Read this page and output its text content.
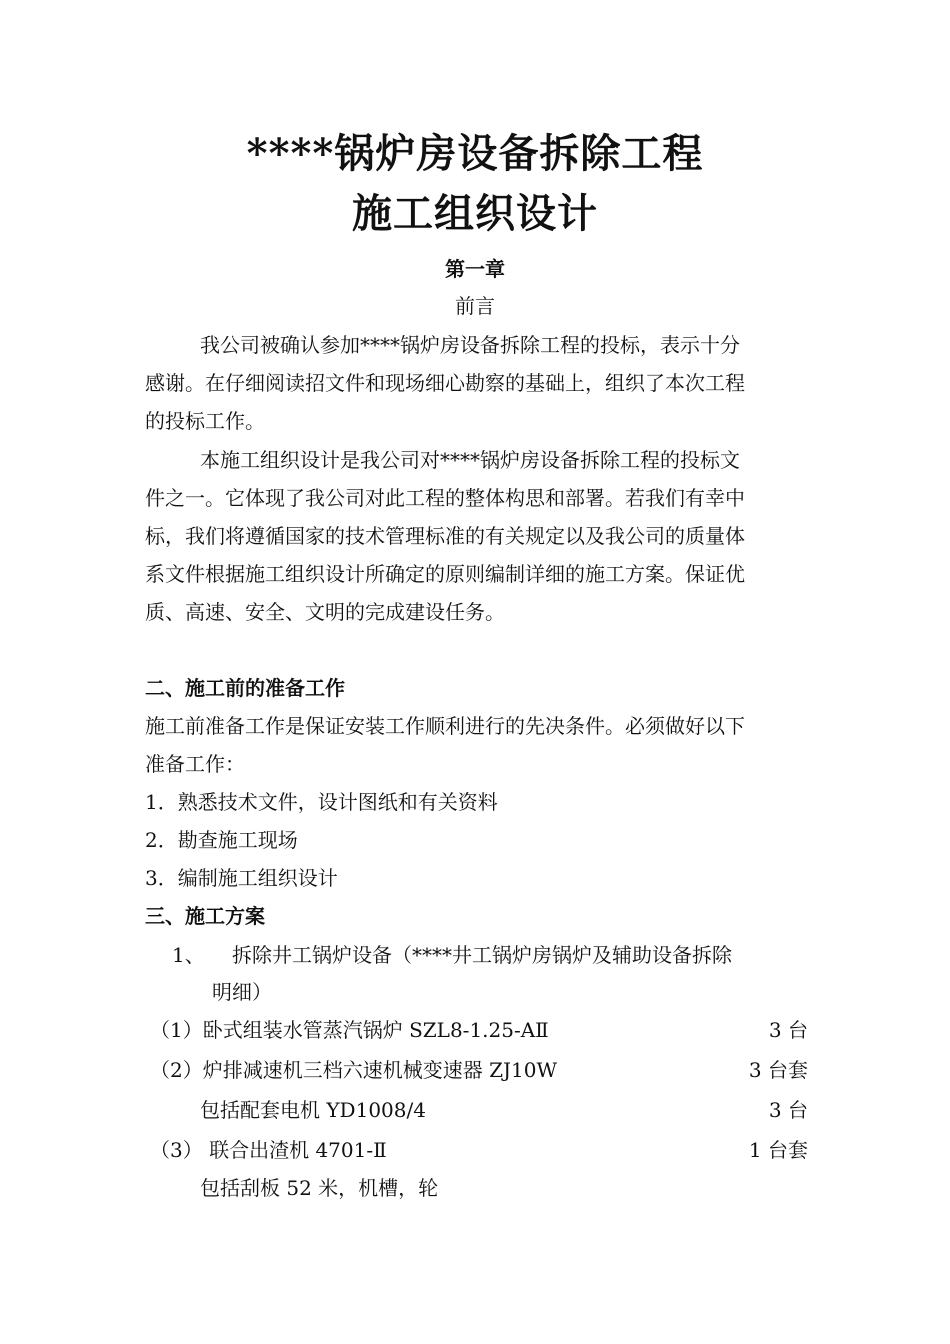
****锅炉房设备拆除工程
施工组织设计
第一章
前言
我公司被确认参加****锅炉房设备拆除工程的投标，表示十分
感谢。在仔细阅读招文件和现场细心勘察的基础上，组织了本次工程
的投标工作。
本施工组织设计是我公司对****锅炉房设备拆除工程的投标文
件之一。它体现了我公司对此工程的整体构思和部署。若我们有幸中
标，我们将遵循国家的技术管理标准的有关规定以及我公司的质量体
系文件根据施工组织设计所确定的原则编制详细的施工方案。保证优
质、高速、安全、文明的完成建设任务。
二、施工前的准备工作
施工前准备工作是保证安装工作顺利进行的先决条件。必须做好以下
准备工作：
1．熟悉技术文件，设计图纸和有关资料
2．勘查施工现场
3．编制施工组织设计
三、施工方案
1、 拆除井工锅炉设备（****井工锅炉房锅炉及辅助设备拆除
明细）
（1）卧式组装水管蒸汽锅炉 SZL8-1.25-AⅡ	3 台
（2）炉排减速机三档六速机械变速器 ZJ10W	3 台套
包括配套电机 YD1008/4	3 台
（3） 联合出渣机 4701-Ⅱ	1 台套
包括刮板 52 米，机槽，轮
